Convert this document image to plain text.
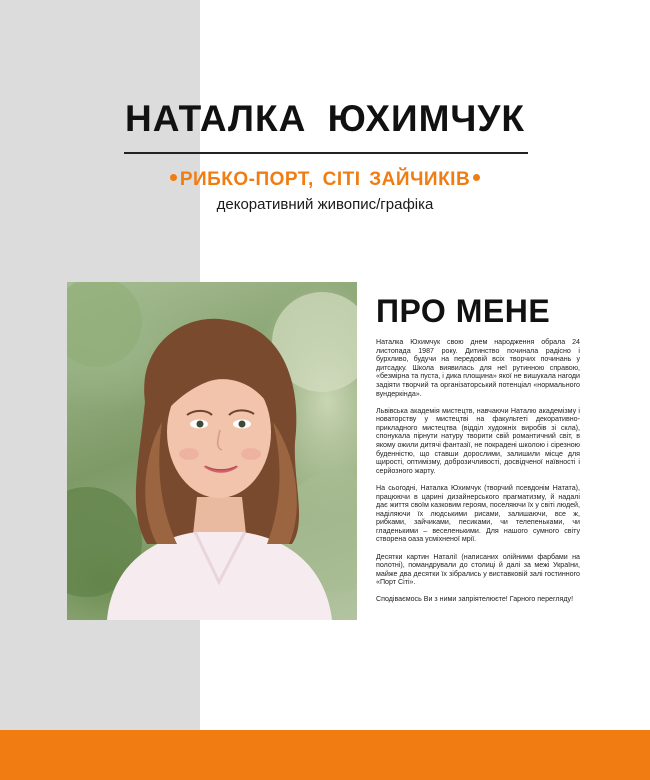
НАТАЛКА ЮХИМЧУК

РИБКО-ПОРТ, СІТІ ЗАЙЧИКІВ

декоративний живопис/графіка

ПРО МЕНЕ

Наталка Юхимчук свою днем народження обрала 24 листопада 1987 року. Дитинство починала радісно і бурхливо, будучи на передовій всіх творчих починань у дитсадку. Школа виявилась для неї рутинною справою, «безмірна та пуста, і дика площина» якої не вишукала нагоди задіяти творчий та організаторський потенціал «нормального вундеркінда».

Львівська академія мистецтв, навчаючи Наталю академізму і новаторству у мистецтві на факультеті декоративно-прикладного мистецтва (відділ художніх виробів зі скла), спонукала пірнути натуру творити свій романтичний світ, в якому ожили дитячі фантазії, не покрадені школою і сірезною буденністю, що ставши дорослими, залишили місце для щирості, оптимізму, доброзичливості, досвідченої наївності і серйозного жарту.

На сьогодні, Наталка Юхимчук (творчий псевдонім Натата), працюючи в царині дизайнерського прагматизму, й надалі дає життя своїм казковим героям, поселяючи їх у світі людей, наділяючи їх людськими рисами, залишаючи, все ж, рибками, зайчиками, песиками, чи телепеньками, чи гладенькими – веселенькими. Для нашого сумного світу створена оаза усміхненої мрії.

Десятки картин Наталії (написаних олійними фарбами на полотні), помандрували до столиці й далі за межі України, майже два десятки їх зібрались у виставковій залі гостинного «Порт Сіті».

Сподіваємось Ви з ними запріятелюєте! Гарного перегляду!
